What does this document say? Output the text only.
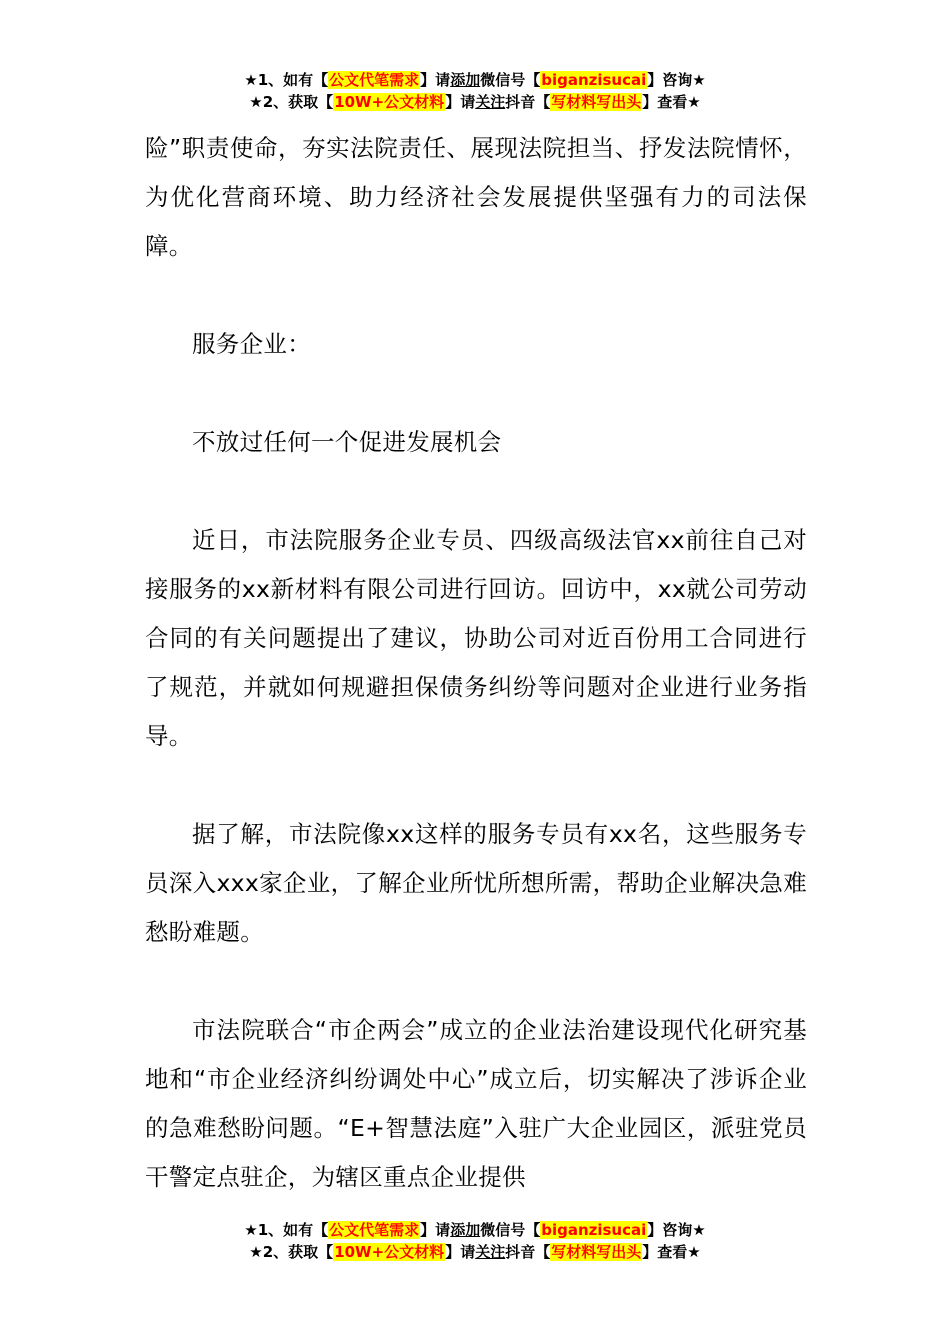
★1、如有【公文代笔需求】请添加微信号【biganzisucai】咨询★
★2、获取【10W+公文材料】请关注抖音【写材料写出头】查看★

险”职责使命，夯实法院责任、展现法院担当、抒发法院情怀，为优化营商环境、助力经济社会发展提供坚强有力的司法保障。

服务企业：

不放过任何一个促进发展机会

近日，市法院服务企业专员、四级高级法官xx前往自己对接服务的xx新材料有限公司进行回访。回访中，xx就公司劳动合同的有关问题提出了建议，协助公司对近百份用工合同进行了规范，并就如何规避担保债务纠纷等问题对企业进行业务指导。

据了解，市法院像xx这样的服务专员有xx名，这些服务专员深入xxx家企业，了解企业所忧所想所需，帮助企业解决急难愁盼难题。

市法院联合“市企两会”成立的企业法治建设现代化研究基地和“市企业经济纠纷调处中心”成立后，切实解决了涉诉企业的急难愁盼问题。“E+智慧法庭”入驻广大企业园区，派驻党员干警定点驻企，为辖区重点企业提供

★1、如有【公文代笔需求】请添加微信号【biganzisucai】咨询★
★2、获取【10W+公文材料】请关注抖音【写材料写出头】查看★
